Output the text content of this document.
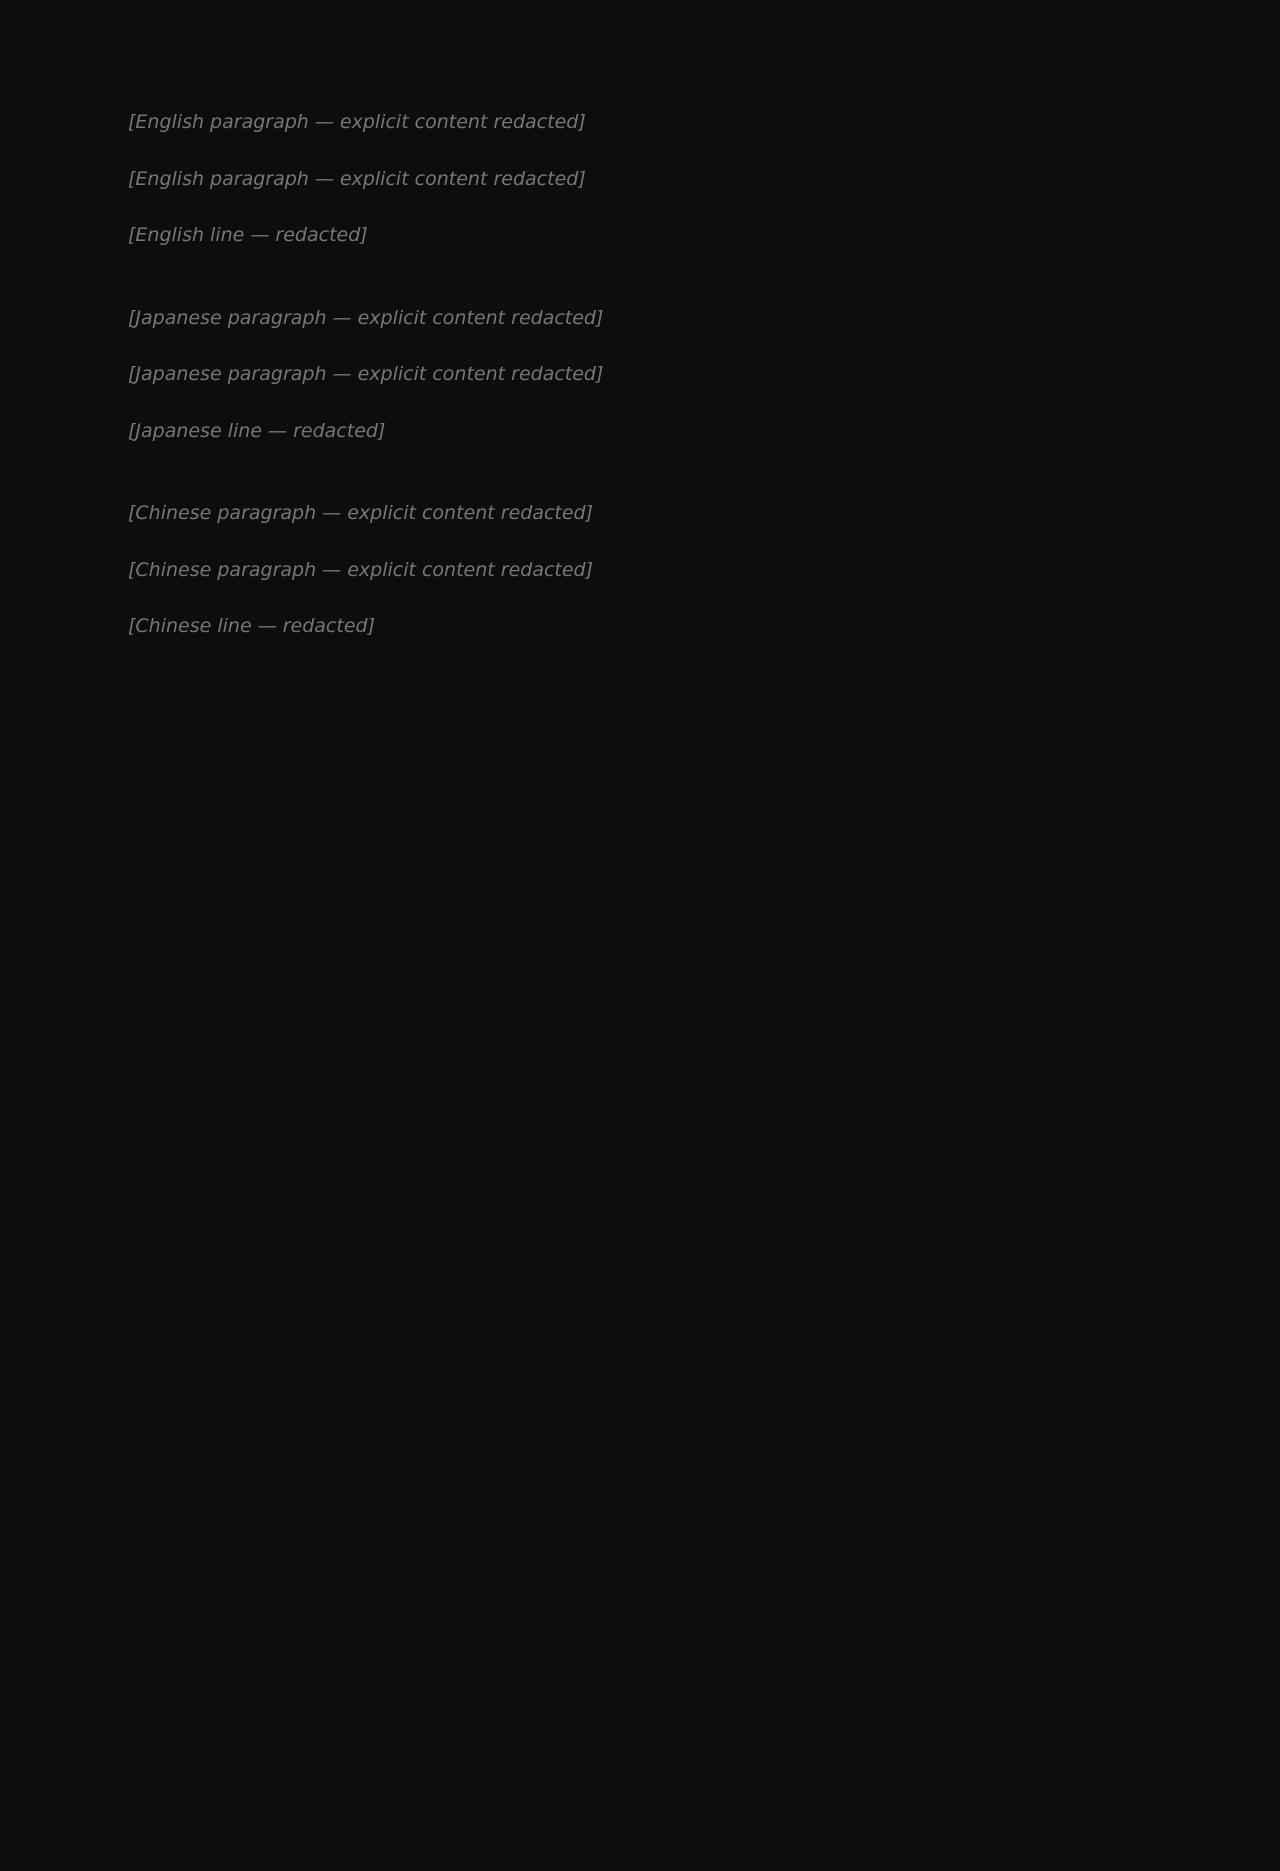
[English paragraph — explicit content redacted]

[English paragraph — explicit content redacted]

[English line — redacted]

[Japanese paragraph — explicit content redacted]

[Japanese paragraph — explicit content redacted]

[Japanese line — redacted]

[Chinese paragraph — explicit content redacted]

[Chinese paragraph — explicit content redacted]

[Chinese line — redacted]
